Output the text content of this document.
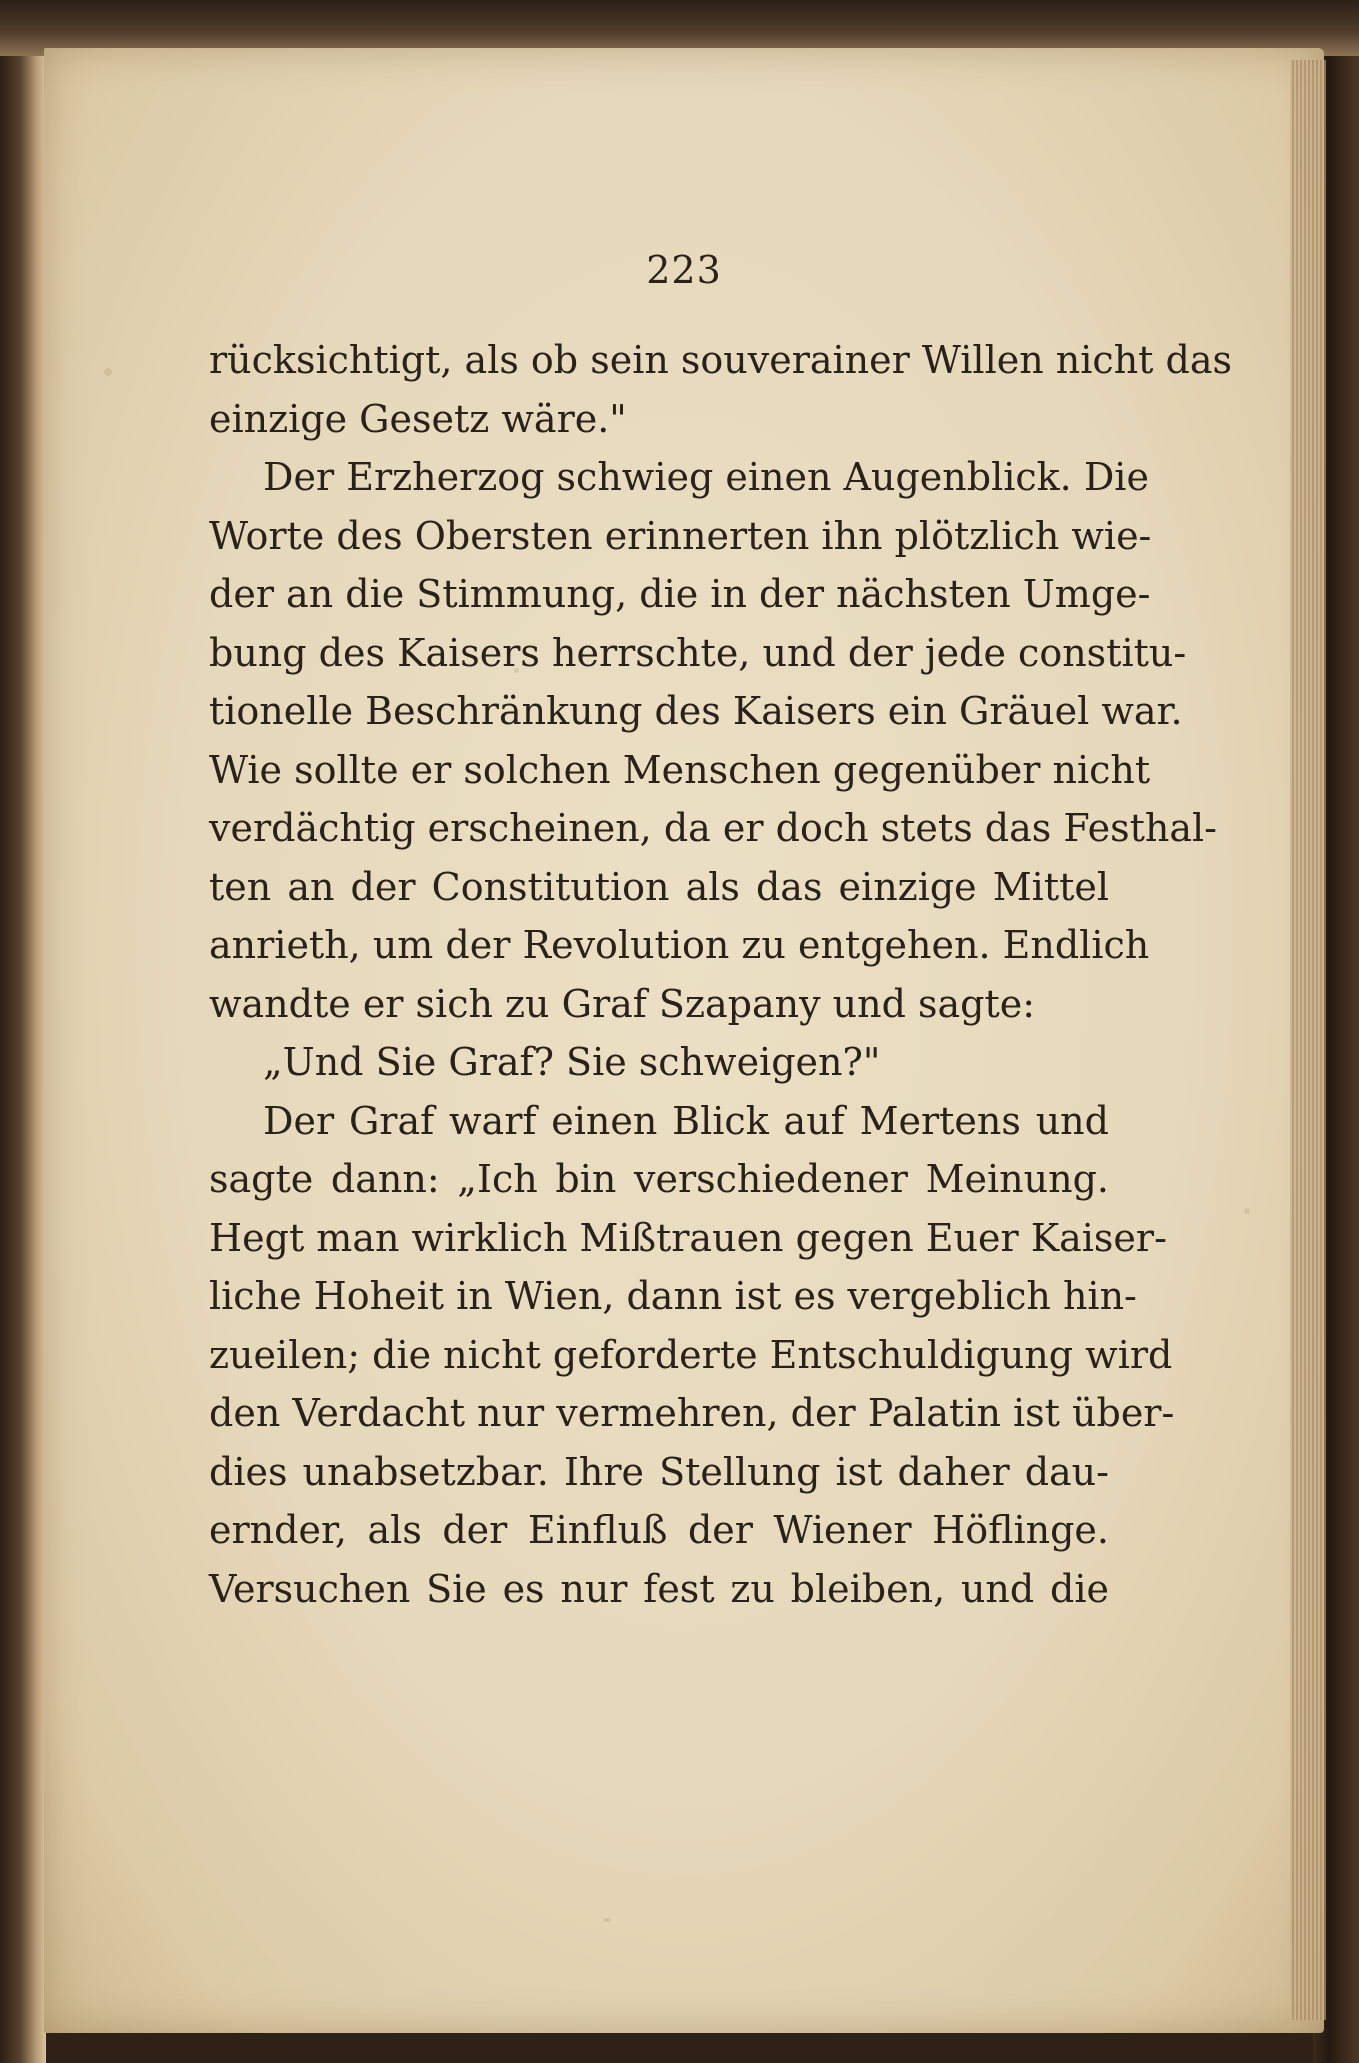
223
rücksichtigt, als ob sein souverainer Willen nicht das
einzige Gesetz wäre."
Der Erzherzog schwieg einen Augenblick. Die
Worte des Obersten erinnerten ihn plötzlich wie-
der an die Stimmung, die in der nächsten Umge-
bung des Kaisers herrschte, und der jede constitu-
tionelle Beschränkung des Kaisers ein Gräuel war.
Wie sollte er solchen Menschen gegenüber nicht
verdächtig erscheinen, da er doch stets das Festhal-
ten an der Constitution als das einzige Mittel
anrieth, um der Revolution zu entgehen. Endlich
wandte er sich zu Graf Szapany und sagte:
„Und Sie Graf? Sie schweigen?"
Der Graf warf einen Blick auf Mertens und
sagte dann: „Ich bin verschiedener Meinung.
Hegt man wirklich Mißtrauen gegen Euer Kaiser-
liche Hoheit in Wien, dann ist es vergeblich hin-
zueilen; die nicht geforderte Entschuldigung wird
den Verdacht nur vermehren, der Palatin ist über-
dies unabsetzbar. Ihre Stellung ist daher dau-
ernder, als der Einfluß der Wiener Höflinge.
Versuchen Sie es nur fest zu bleiben, und die
